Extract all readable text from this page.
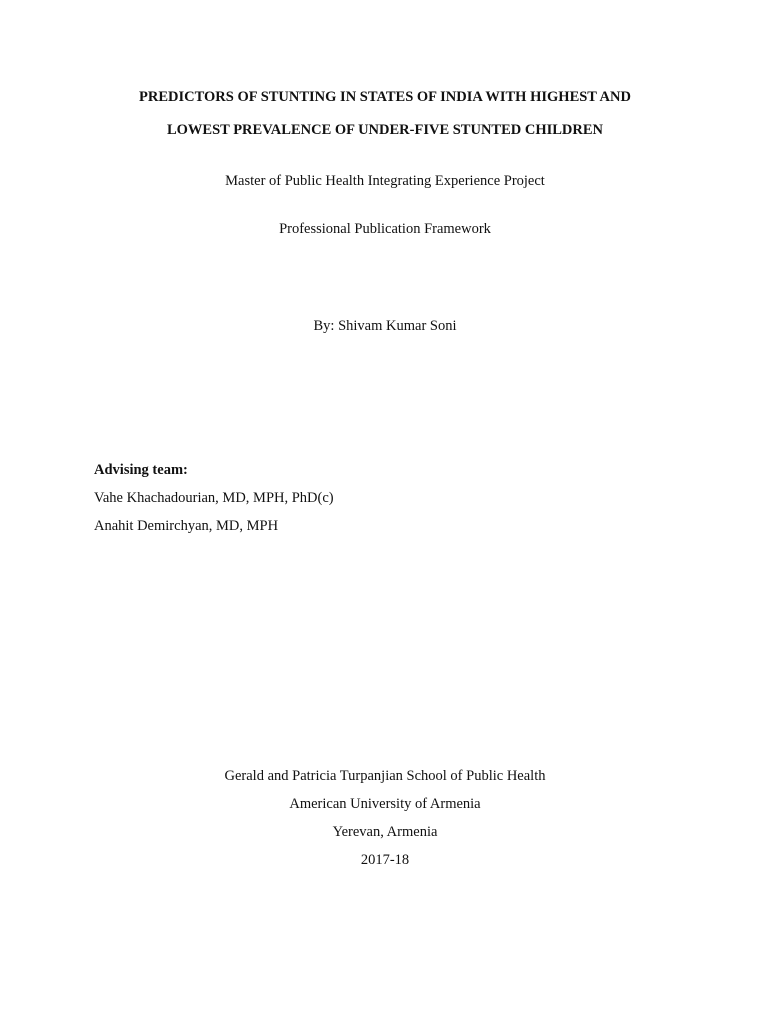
PREDICTORS OF STUNTING IN STATES OF INDIA WITH HIGHEST AND
LOWEST PREVALENCE OF UNDER-FIVE STUNTED CHILDREN
Master of Public Health Integrating Experience Project
Professional Publication Framework
By: Shivam Kumar Soni
Advising team:
Vahe Khachadourian, MD, MPH, PhD(c)
Anahit Demirchyan, MD, MPH
Gerald and Patricia Turpanjian School of Public Health
American University of Armenia
Yerevan, Armenia
2017-18
